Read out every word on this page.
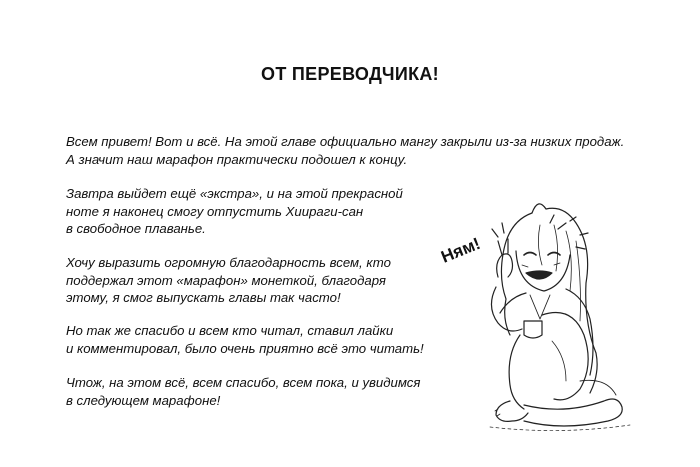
ОТ ПЕРЕВОДЧИКА!

Всем привет! Вот и всё. На этой главе официально мангу закрыли из-за низких продаж.
А значит наш марафон практически подошел к концу.

Завтра выйдет ещё «экстра», и на этой прекрасной
ноте я наконец смогу отпустить Хиираги-сан
в свободное плаванье.

Хочу выразить огромную благодарность всем, кто
поддержал этот «марафон» монеткой, благодаря
этому, я смог выпускать главы так часто!

Но так же спасибо и всем кто читал, ставил лайки
и комментировал, было очень приятно всё это читать!

Чтож, на этом всё, всем спасибо, всем пока, и увидимся
в следующем марафоне!

Ням!
